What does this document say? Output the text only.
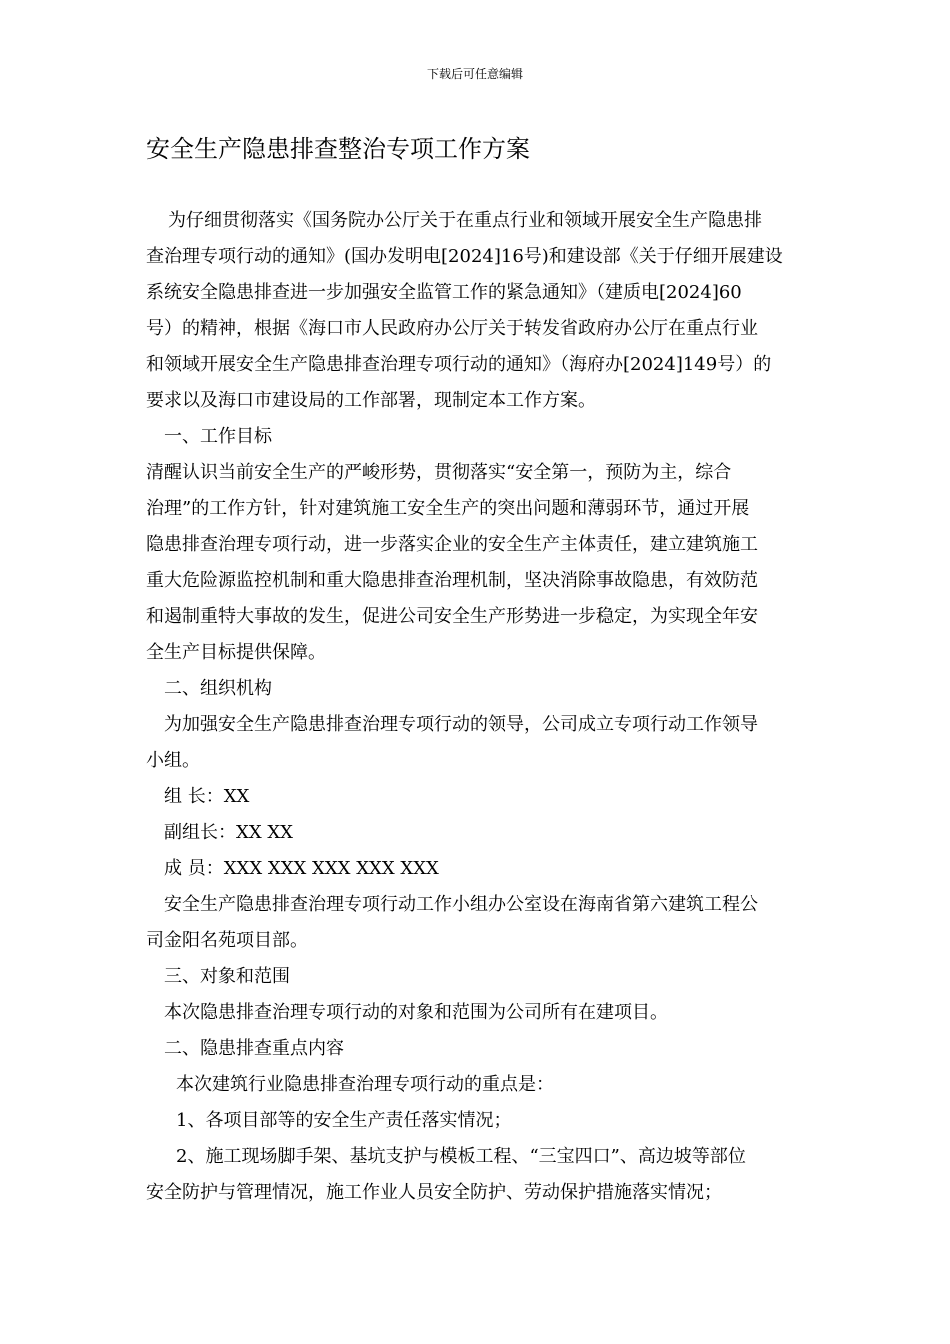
下载后可任意编辑
安全生产隐患排查整治专项工作方案

为仔细贯彻落实《国务院办公厅关于在重点行业和领域开展安全生产隐患排

查治理专项行动的通知》(国办发明电[2024]16号)和建设部《关于仔细开展建设

系统安全隐患排查进一步加强安全监管工作的紧急通知》（建质电[2024]60

号）的精神，根据《海口市人民政府办公厅关于转发省政府办公厅在重点行业

和领域开展安全生产隐患排查治理专项行动的通知》（海府办[2024]149号）的

要求以及海口市建设局的工作部署，现制定本工作方案。

一、工作目标

清醒认识当前安全生产的严峻形势，贯彻落实“安全第一，预防为主，综合

治理”的工作方针，针对建筑施工安全生产的突出问题和薄弱环节，通过开展

隐患排查治理专项行动，进一步落实企业的安全生产主体责任，建立建筑施工

重大危险源监控机制和重大隐患排查治理机制，坚决消除事故隐患，有效防范

和遏制重特大事故的发生，促进公司安全生产形势进一步稳定，为实现全年安

全生产目标提供保障。

二、组织机构

为加强安全生产隐患排查治理专项行动的领导，公司成立专项行动工作领导

小组。

组 长：XX

副组长：XX XX

成 员：XXX XXX XXX XXX XXX

安全生产隐患排查治理专项行动工作小组办公室设在海南省第六建筑工程公

司金阳名苑项目部。

三、对象和范围

本次隐患排查治理专项行动的对象和范围为公司所有在建项目。

二、隐患排查重点内容

本次建筑行业隐患排查治理专项行动的重点是：

1、各项目部等的安全生产责任落实情况；

2、施工现场脚手架、基坑支护与模板工程、“三宝四口”、高边坡等部位

安全防护与管理情况，施工作业人员安全防护、劳动保护措施落实情况；
